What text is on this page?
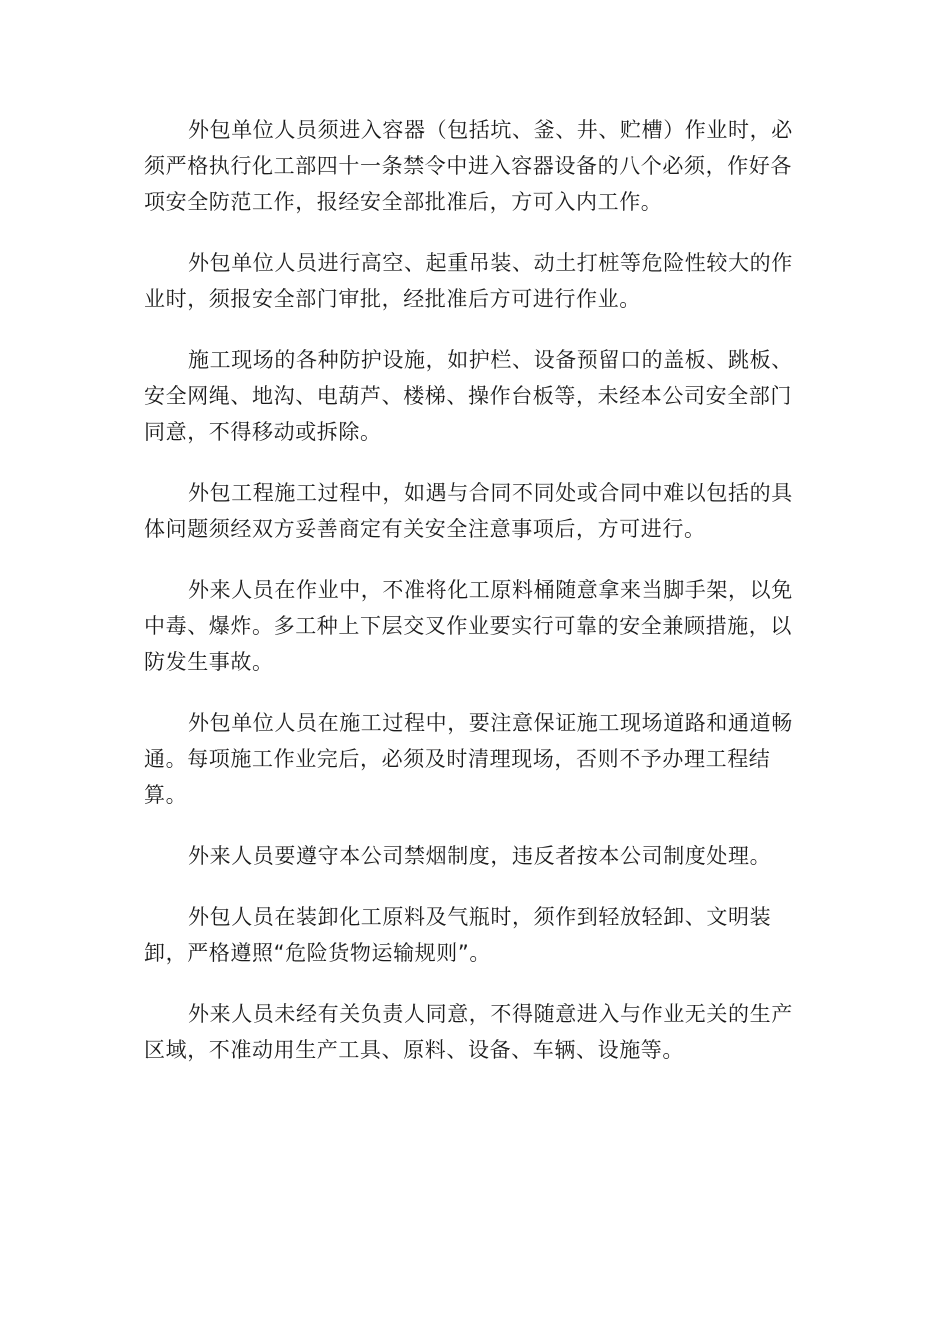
外包单位人员须进入容器（包括坑、釜、井、贮槽）作业时，必须严格执行化工部四十一条禁令中进入容器设备的八个必须，作好各项安全防范工作，报经安全部批准后，方可入内工作。

外包单位人员进行高空、起重吊装、动土打桩等危险性较大的作业时，须报安全部门审批，经批准后方可进行作业。

施工现场的各种防护设施，如护栏、设备预留口的盖板、跳板、安全网绳、地沟、电葫芦、楼梯、操作台板等，未经本公司安全部门同意，不得移动或拆除。

外包工程施工过程中，如遇与合同不同处或合同中难以包括的具体问题须经双方妥善商定有关安全注意事项后，方可进行。

外来人员在作业中，不准将化工原料桶随意拿来当脚手架，以免中毒、爆炸。多工种上下层交叉作业要实行可靠的安全兼顾措施，以防发生事故。

外包单位人员在施工过程中，要注意保证施工现场道路和通道畅通。每项施工作业完后，必须及时清理现场，否则不予办理工程结算。

外来人员要遵守本公司禁烟制度，违反者按本公司制度处理。

外包人员在装卸化工原料及气瓶时，须作到轻放轻卸、文明装卸，严格遵照“危险货物运输规则”。

外来人员未经有关负责人同意，不得随意进入与作业无关的生产区域，不准动用生产工具、原料、设备、车辆、设施等。
